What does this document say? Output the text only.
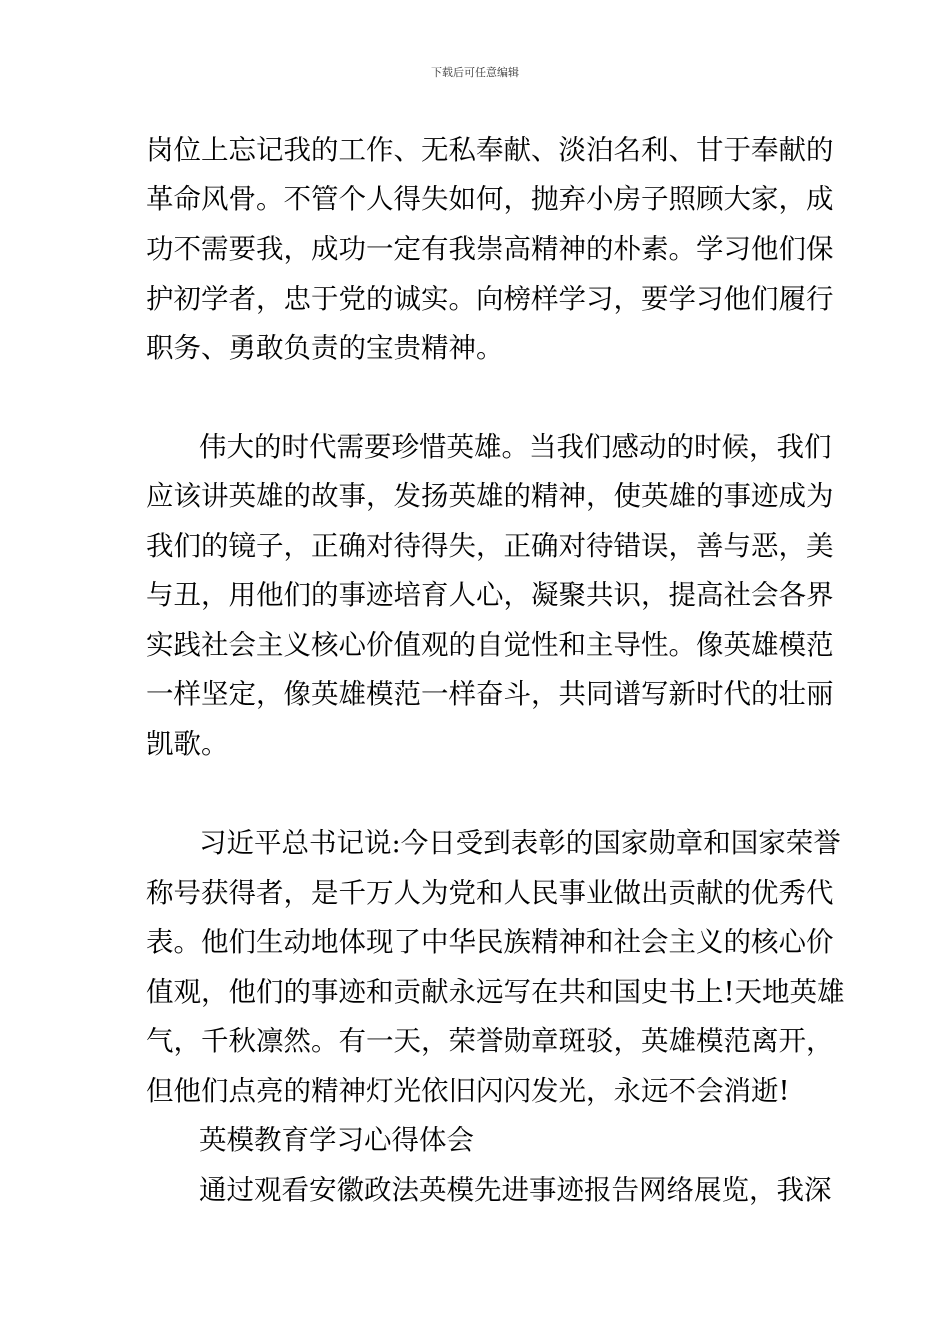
下载后可任意编辑
岗位上忘记我的工作、无私奉献、淡泊名利、甘于奉献的
革命风骨。不管个人得失如何，抛弃小房子照顾大家，成
功不需要我，成功一定有我崇高精神的朴素。学习他们保
护初学者，忠于党的诚实。向榜样学习，要学习他们履行
职务、勇敢负责的宝贵精神。
伟大的时代需要珍惜英雄。当我们感动的时候，我们
应该讲英雄的故事，发扬英雄的精神，使英雄的事迹成为
我们的镜子，正确对待得失，正确对待错误，善与恶，美
与丑，用他们的事迹培育人心，凝聚共识，提高社会各界
实践社会主义核心价值观的自觉性和主导性。像英雄模范
一样坚定，像英雄模范一样奋斗，共同谱写新时代的壮丽
凯歌。
习近平总书记说:今日受到表彰的国家勋章和国家荣誉
称号获得者，是千万人为党和人民事业做出贡献的优秀代
表。他们生动地体现了中华民族精神和社会主义的核心价
值观，他们的事迹和贡献永远写在共和国史书上!天地英雄
气，千秋凛然。有一天，荣誉勋章斑驳，英雄模范离开，
但他们点亮的精神灯光依旧闪闪发光，永远不会消逝!
英模教育学习心得体会
通过观看安徽政法英模先进事迹报告网络展览，我深
